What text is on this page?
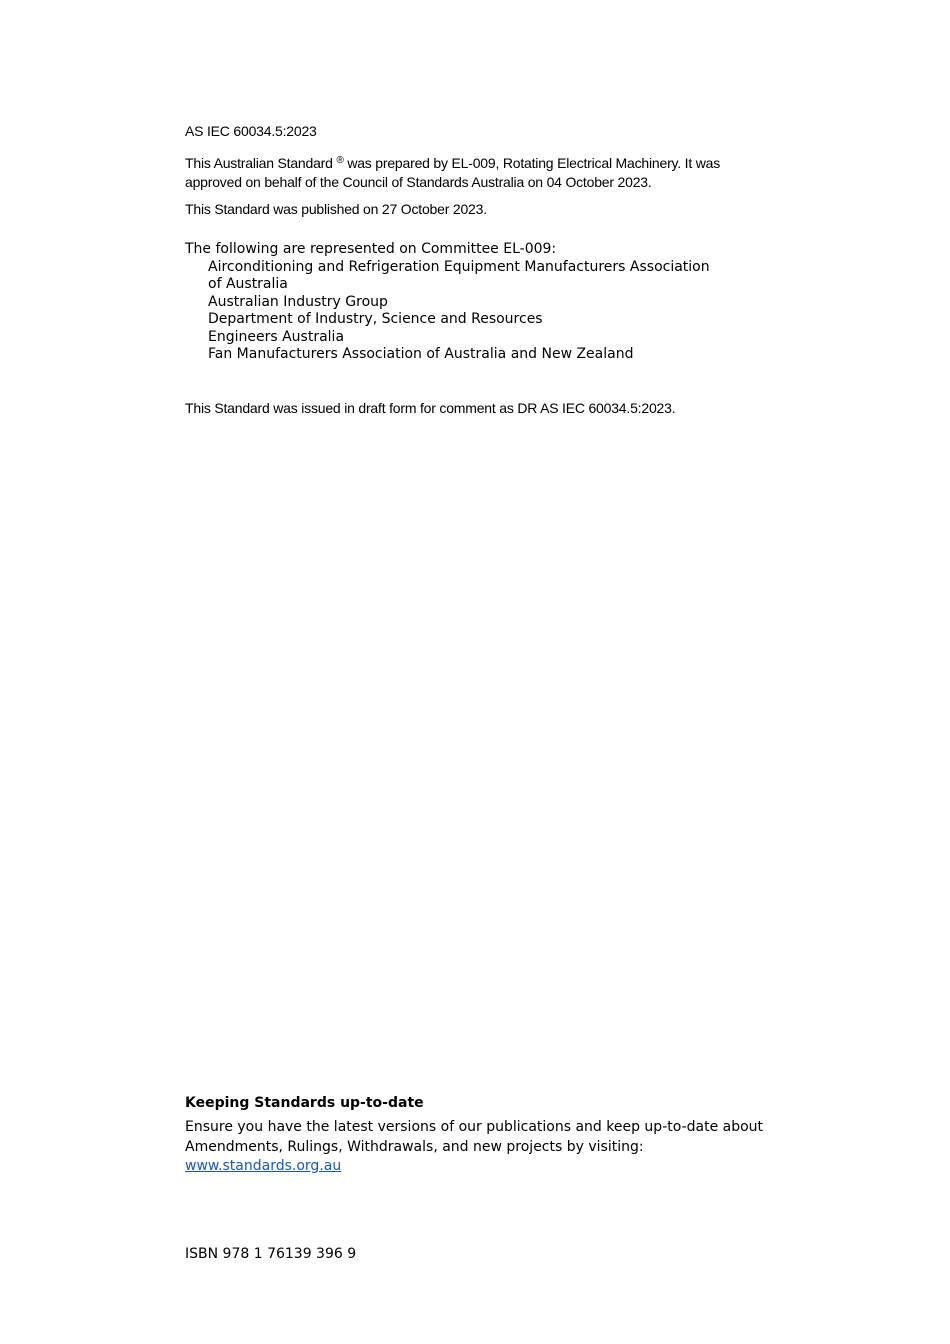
AS IEC 60034.5:2023

This Australian Standard ® was prepared by EL-009, Rotating Electrical Machinery. It was
approved on behalf of the Council of Standards Australia on 04 October 2023.

This Standard was published on 27 October 2023.

The following are represented on Committee EL-009:

Airconditioning and Refrigeration Equipment Manufacturers Association
of Australia
Australian Industry Group
Department of Industry, Science and Resources
Engineers Australia
Fan Manufacturers Association of Australia and New Zealand

This Standard was issued in draft form for comment as DR AS IEC 60034.5:2023.

Keeping Standards up-to-date

Ensure you have the latest versions of our publications and keep up-to-date about
Amendments, Rulings, Withdrawals, and new projects by visiting:
www.standards.org.au

ISBN 978 1 76139 396 9
